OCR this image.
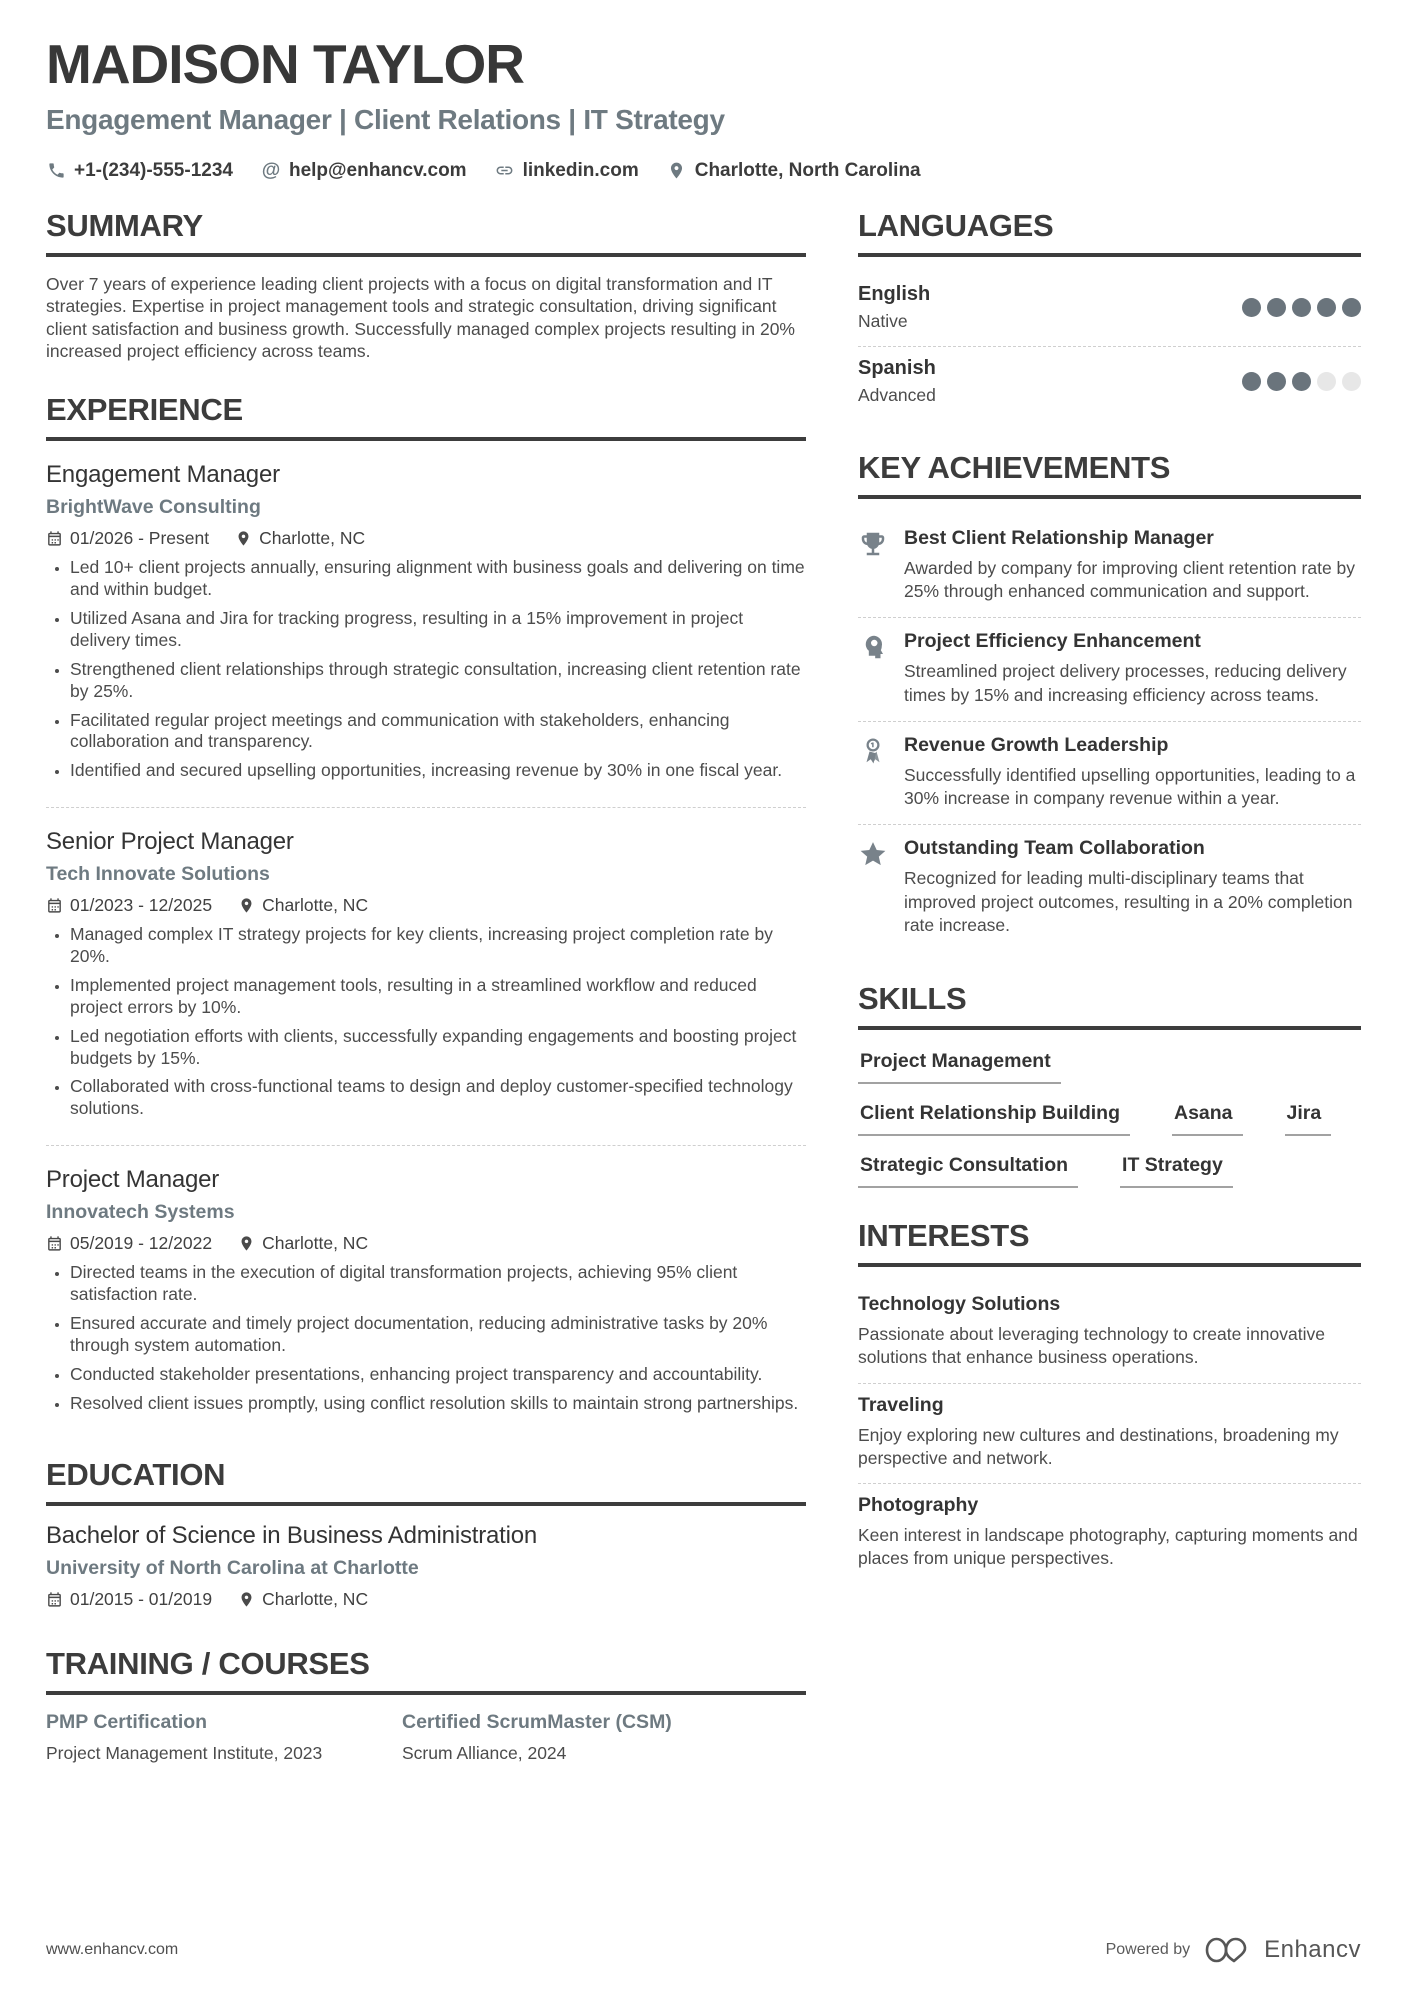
MADISON TAYLOR
Engagement Manager | Client Relations | IT Strategy
+1-(234)-555-1234 @ help@enhancv.com	linkedin.com	Charlotte, North Carolina
SUMMARY
Over 7 years of experience leading client projects with a focus on digital transformation and IT strategies. Expertise in project management tools and strategic consultation, driving significant client satisfaction and business growth. Successfully managed complex projects resulting in 20% increased project efficiency across teams.
EXPERIENCE
Engagement Manager
BrightWave Consulting
01/2026 - Present	Charlotte, NC
• Led 10+ client projects annually, ensuring alignment with business goals and delivering on time and within budget.
• Utilized Asana and Jira for tracking progress, resulting in a 15% improvement in project delivery times.
• Strengthened client relationships through strategic consultation, increasing client retention rate by 25%.
• Facilitated regular project meetings and communication with stakeholders, enhancing collaboration and transparency.
• Identified and secured upselling opportunities, increasing revenue by 30% in one fiscal year.
Senior Project Manager
Tech Innovate Solutions
01/2023 - 12/2025	Charlotte, NC
• Managed complex IT strategy projects for key clients, increasing project completion rate by 20%.
• Implemented project management tools, resulting in a streamlined workflow and reduced project errors by 10%.
• Led negotiation efforts with clients, successfully expanding engagements and boosting project budgets by 15%.
• Collaborated with cross-functional teams to design and deploy customer-specified technology solutions.
Project Manager
Innovatech Systems
05/2019 - 12/2022	Charlotte, NC
• Directed teams in the execution of digital transformation projects, achieving 95% client satisfaction rate.
• Ensured accurate and timely project documentation, reducing administrative tasks by 20% through system automation.
• Conducted stakeholder presentations, enhancing project transparency and accountability.
• Resolved client issues promptly, using conflict resolution skills to maintain strong partnerships.
EDUCATION
Bachelor of Science in Business Administration
University of North Carolina at Charlotte
01/2015 - 01/2019	Charlotte, NC
TRAINING / COURSES
PMP Certification
Project Management Institute, 2023
Certified ScrumMaster (CSM)
Scrum Alliance, 2024
LANGUAGES
English
Native
Spanish
Advanced
KEY ACHIEVEMENTS
Best Client Relationship Manager
Awarded by company for improving client retention rate by 25% through enhanced communication and support.
Project Efficiency Enhancement
Streamlined project delivery processes, reducing delivery times by 15% and increasing efficiency across teams.
Revenue Growth Leadership
Successfully identified upselling opportunities, leading to a 30% increase in company revenue within a year.
Outstanding Team Collaboration
Recognized for leading multi-disciplinary teams that improved project outcomes, resulting in a 20% completion rate increase.
SKILLS
Project Management
Client Relationship Building	Asana	Jira
Strategic Consultation	IT Strategy
INTERESTS
Technology Solutions
Passionate about leveraging technology to create innovative solutions that enhance business operations.
Traveling
Enjoy exploring new cultures and destinations, broadening my perspective and network.
Photography
Keen interest in landscape photography, capturing moments and places from unique perspectives.
www.enhancv.com	Powered by	Enhancv
